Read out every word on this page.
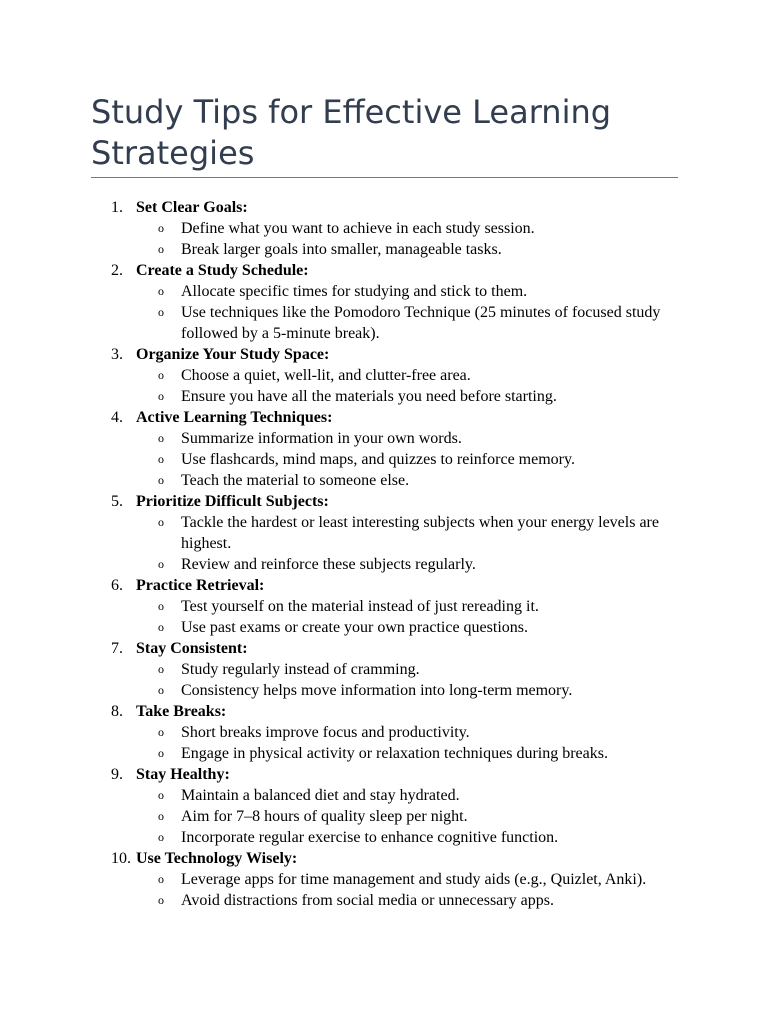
Study Tips for Effective Learning Strategies
1. Set Clear Goals:
o Define what you want to achieve in each study session.
o Break larger goals into smaller, manageable tasks.
2. Create a Study Schedule:
o Allocate specific times for studying and stick to them.
o Use techniques like the Pomodoro Technique (25 minutes of focused study followed by a 5-minute break).
3. Organize Your Study Space:
o Choose a quiet, well-lit, and clutter-free area.
o Ensure you have all the materials you need before starting.
4. Active Learning Techniques:
o Summarize information in your own words.
o Use flashcards, mind maps, and quizzes to reinforce memory.
o Teach the material to someone else.
5. Prioritize Difficult Subjects:
o Tackle the hardest or least interesting subjects when your energy levels are highest.
o Review and reinforce these subjects regularly.
6. Practice Retrieval:
o Test yourself on the material instead of just rereading it.
o Use past exams or create your own practice questions.
7. Stay Consistent:
o Study regularly instead of cramming.
o Consistency helps move information into long-term memory.
8. Take Breaks:
o Short breaks improve focus and productivity.
o Engage in physical activity or relaxation techniques during breaks.
9. Stay Healthy:
o Maintain a balanced diet and stay hydrated.
o Aim for 7–8 hours of quality sleep per night.
o Incorporate regular exercise to enhance cognitive function.
10. Use Technology Wisely:
o Leverage apps for time management and study aids (e.g., Quizlet, Anki).
o Avoid distractions from social media or unnecessary apps.
